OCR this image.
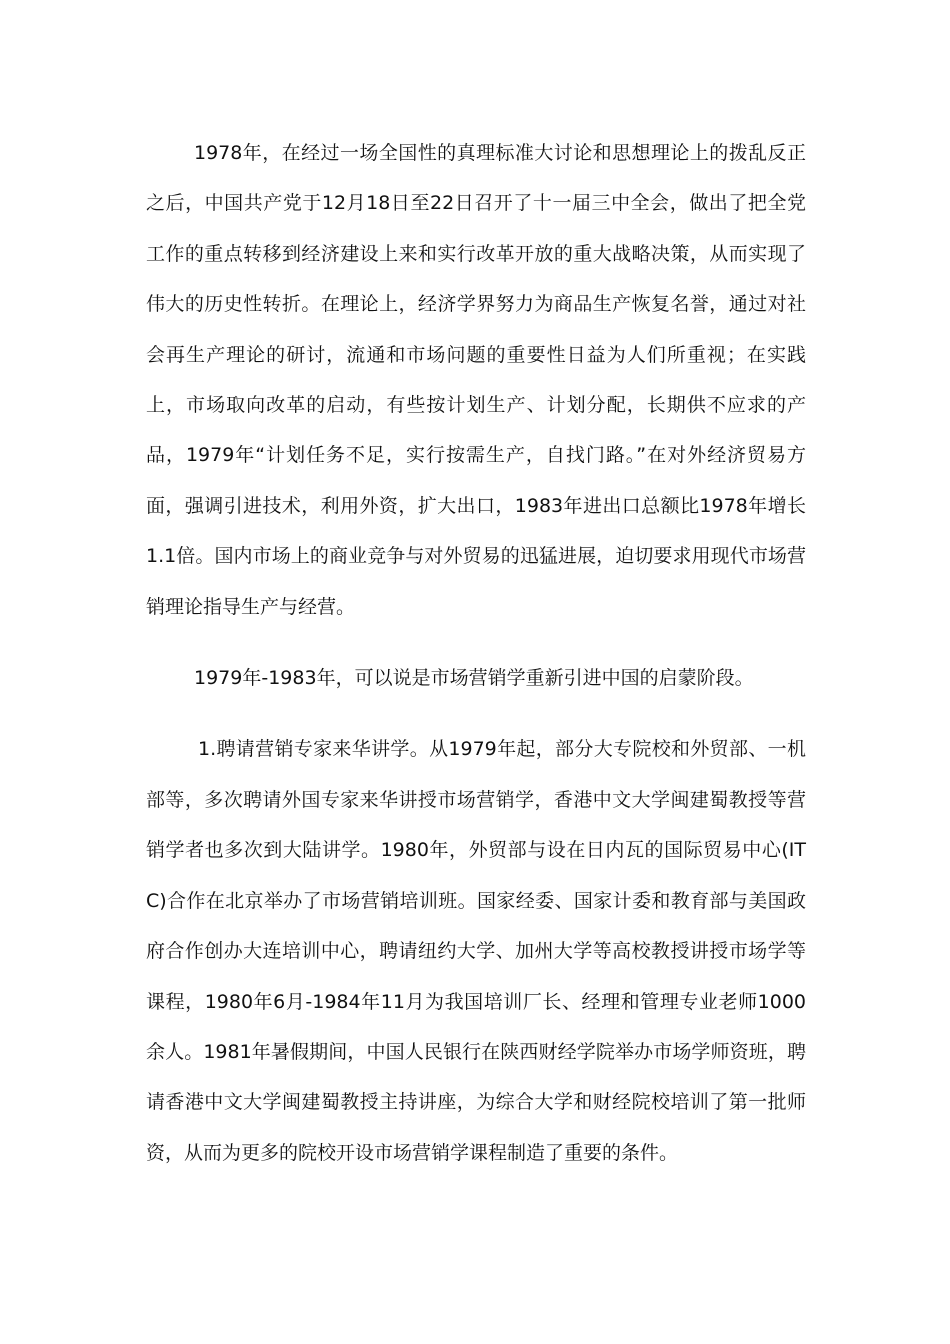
1978年，在经过一场全国性的真理标准大讨论和思想理论上的拨乱反正之后，中国共产党于12月18日至22日召开了十一届三中全会，做出了把全党工作的重点转移到经济建设上来和实行改革开放的重大战略决策，从而实现了伟大的历史性转折。在理论上，经济学界努力为商品生产恢复名誉，通过对社会再生产理论的研讨，流通和市场问题的重要性日益为人们所重视；在实践上，市场取向改革的启动，有些按计划生产、计划分配，长期供不应求的产品，1979年“计划任务不足，实行按需生产，自找门路。”在对外经济贸易方面，强调引进技术，利用外资，扩大出口，1983年进出口总额比1978年增长1.1倍。国内市场上的商业竞争与对外贸易的迅猛进展，迫切要求用现代市场营销理论指导生产与经营。

1979年-1983年，可以说是市场营销学重新引进中国的启蒙阶段。

1.聘请营销专家来华讲学。从1979年起，部分大专院校和外贸部、一机部等，多次聘请外国专家来华讲授市场营销学，香港中文大学闽建蜀教授等营销学者也多次到大陆讲学。1980年，外贸部与设在日内瓦的国际贸易中心(ITC)合作在北京举办了市场营销培训班。国家经委、国家计委和教育部与美国政府合作创办大连培训中心，聘请纽约大学、加州大学等高校教授讲授市场学等课程，1980年6月-1984年11月为我国培训厂长、经理和管理专业老师1000余人。1981年暑假期间，中国人民银行在陕西财经学院举办市场学师资班，聘请香港中文大学闽建蜀教授主持讲座，为综合大学和财经院校培训了第一批师资，从而为更多的院校开设市场营销学课程制造了重要的条件。
